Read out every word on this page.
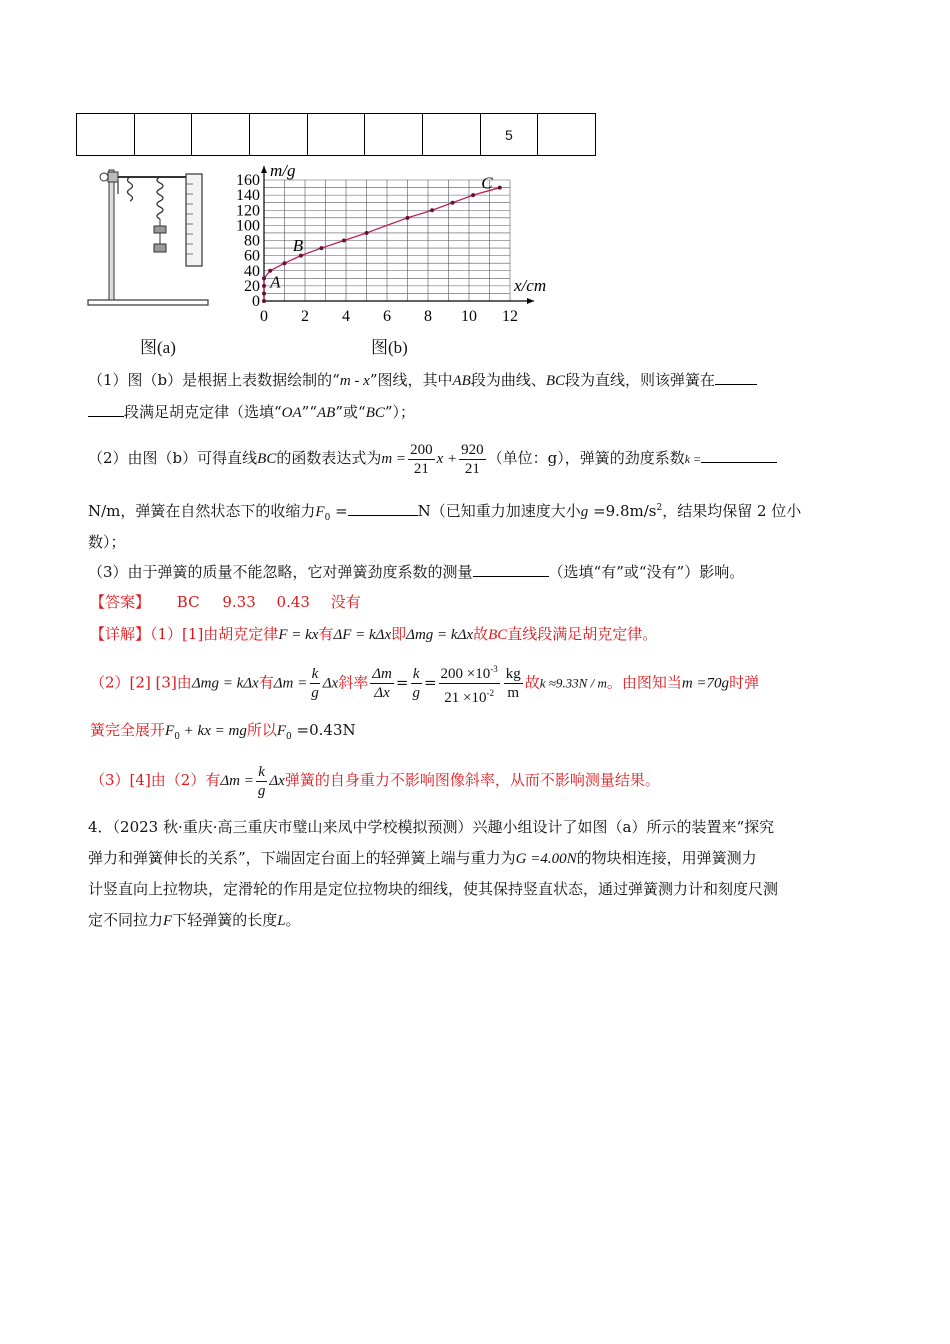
							5	
图(a)
0 2 4 6 8 10 12
0
20
40
60
80
100
120
140
160
m/g
x/cm
A
B
C
图(b)
（1）图（b）是根据上表数据绘制的“m - x”图线，其中AB段为曲线、BC段为直线，则该弹簧在
段满足胡克定律（选填“OA”“AB”或“BC”）；
（2）由图（b）可得直线BC的函数表达式为$m = \frac{200}{21}$ $x + \frac{920}{21}$ （单位：g），弹簧的劲度系数k =
N/m，弹簧在自然状态下的收缩力$F_0$ =	N（已知重力加速度大小$g =9.8m/s^2$，结果均保留 2 位小
数）；
（3）由于弹簧的质量不能忽略，它对弹簧劲度系数的测量	（选填“有”或“没有”）影响。
【答案】 BC 9.33 0.43 没有
【详解】（1）[1]由胡克定律F = kx有ΔF = kΔx即Δmg = kΔx故BC直线段满足胡克定律。
（2）[2] [3]由Δmg = kΔx有$\Delta m = \frac{k}{g}$ Δx斜率 $\frac{\Delta m}{\Delta x} = \frac{k}{g} = \frac{200 \times 10^{-3}}{21 \times 10^{-2}} \frac{kg}{m}$ 故k ≈9.33N / m。由图知当m =70g时弹
簧完全展开$F_0$ + kx = mg所以$F_0 =0.43N$
（3）[4]由（2）有$\Delta m = \frac{k}{g}$ Δx弹簧的自身重力不影响图像斜率，从而不影响测量结果。
4．（2023 秋·重庆·高三重庆市璧山来凤中学校模拟预测）兴趣小组设计了如图（a）所示的装置来“探究
弹力和弹簧伸长的关系”，下端固定台面上的轻弹簧上端与重力为G =4.00N的物块相连接，用弹簧测力
计竖直向上拉物块，定滑轮的作用是定位拉物块的细线，使其保持竖直状态，通过弹簧测力计和刻度尺测
定不同拉力F下轻弹簧的长度L。
